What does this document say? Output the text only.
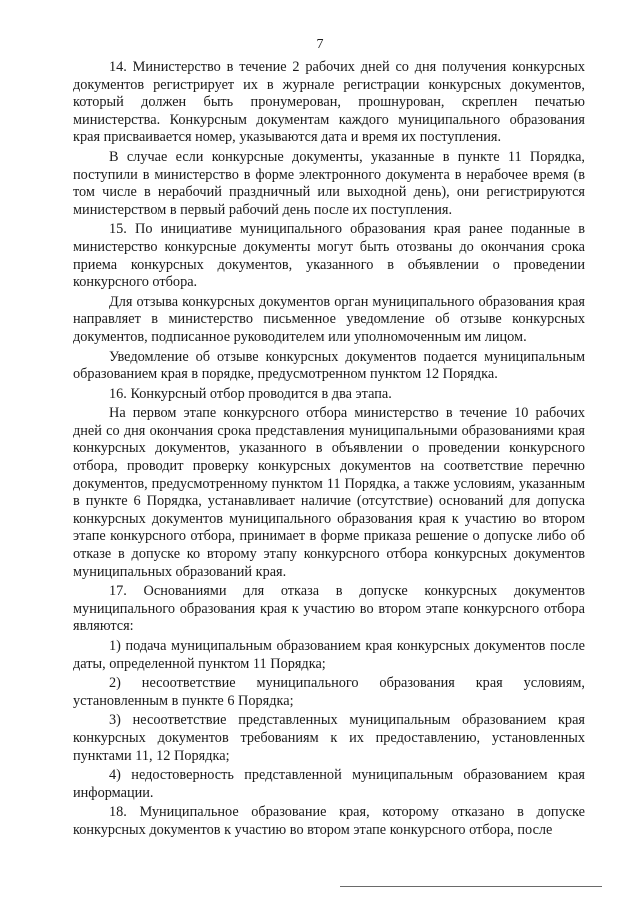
7

14. Министерство в течение 2 рабочих дней со дня получения конкурсных документов регистрирует их в журнале регистрации конкурсных документов, который должен быть пронумерован, прошнурован, скреплен печатью министерства. Конкурсным документам каждого муниципального образования края присваивается номер, указываются дата и время их поступления.

В случае если конкурсные документы, указанные в пункте 11 Порядка, поступили в министерство в форме электронного документа в нерабочее время (в том числе в нерабочий праздничный или выходной день), они регистрируются министерством в первый рабочий день после их поступления.

15. По инициативе муниципального образования края ранее поданные в министерство конкурсные документы могут быть отозваны до окончания срока приема конкурсных документов, указанного в объявлении о проведении конкурсного отбора.

Для отзыва конкурсных документов орган муниципального образования края направляет в министерство письменное уведомление об отзыве конкурсных документов, подписанное руководителем или уполномоченным им лицом.

Уведомление об отзыве конкурсных документов подается муниципальным образованием края в порядке, предусмотренном пунктом 12 Порядка.

16. Конкурсный отбор проводится в два этапа.

На первом этапе конкурсного отбора министерство в течение 10 рабочих дней со дня окончания срока представления муниципальными образованиями края конкурсных документов, указанного в объявлении о проведении конкурсного отбора, проводит проверку конкурсных документов на соответствие перечню документов, предусмотренному пунктом 11 Порядка, а также условиям, указанным в пункте 6 Порядка, устанавливает наличие (отсутствие) оснований для допуска конкурсных документов муниципального образования края к участию во втором этапе конкурсного отбора, принимает в форме приказа решение о допуске либо об отказе в допуске ко второму этапу конкурсного отбора конкурсных документов муниципальных образований края.

17. Основаниями для отказа в допуске конкурсных документов муниципального образования края к участию во втором этапе конкурсного отбора являются:

1) подача муниципальным образованием края конкурсных документов после даты, определенной пунктом 11 Порядка;

2) несоответствие муниципального образования края условиям, установленным в пункте 6 Порядка;

3) несоответствие представленных муниципальным образованием края конкурсных документов требованиям к их предоставлению, установленных пунктами 11, 12 Порядка;

4) недостоверность представленной муниципальным образованием края информации.

18. Муниципальное образование края, которому отказано в допуске конкурсных документов к участию во втором этапе конкурсного отбора, после
